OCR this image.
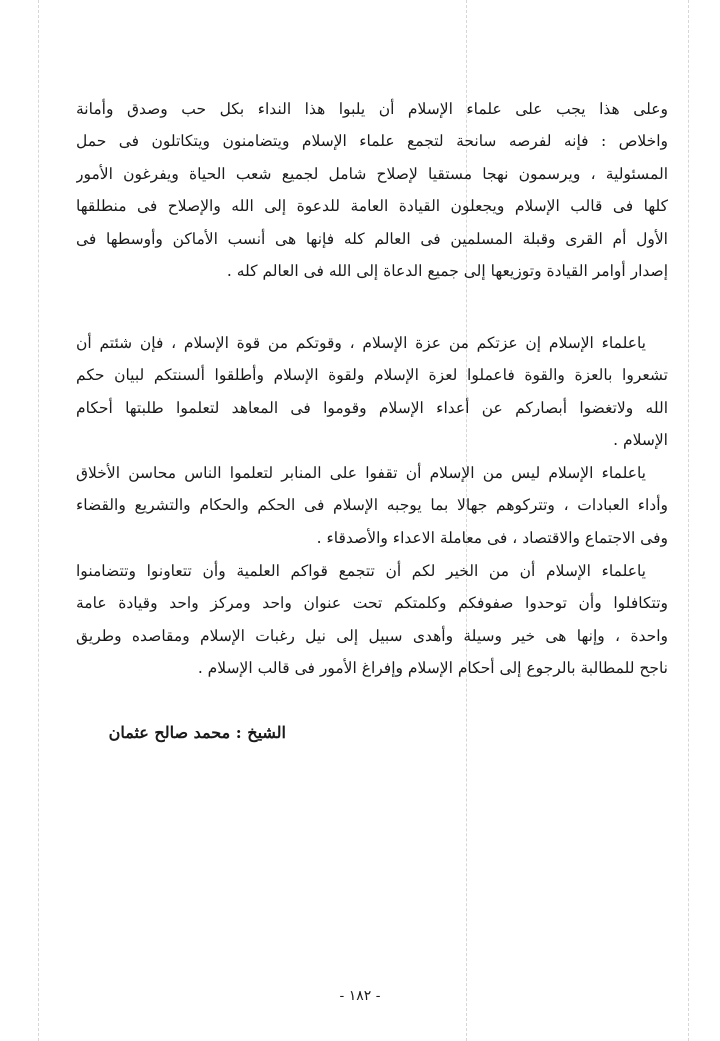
وعلى هذا يجب على علماء الإسلام أن يلبوا هذا النداء بكل حب وصدق وأمانة
واخلاص : فإنه لفرصه سانحة لتجمع علماء الإسلام ويتضامنون ويتكاتلون فى حمل
المسئولية ، ويرسمون نهجا مستقيا لإصلاح شامل لجميع شعب الحياة ويفرغون الأمور
كلها فى قالب الإسلام ويجعلون القيادة العامة للدعوة إلى الله والإصلاح فى منطلقها
الأول أم القرى وقبلة المسلمين فى العالم كله فإنها هى أنسب الأماكن وأوسطها فى
إصدار أوامر القيادة وتوزيعها إلى جميع الدعاة إلى الله فى العالم كله .
ياعلماء الإسلام إن عزتكم من عزة الإسلام ، وقوتكم من قوة الإسلام ، فإن شئتم أن
تشعروا بالعزة والقوة فاعملوا لعزة الإسلام ولقوة الإسلام وأطلقوا ألسنتكم لبيان حكم
الله ولاتغضوا أبصاركم عن أعداء الإسلام وقوموا فى المعاهد لتعلموا طلبتها أحكام
الإسلام .
ياعلماء الإسلام ليس من الإسلام أن تقفوا على المنابر لتعلموا الناس محاسن الأخلاق
وأداء العبادات ، وتتركوهم جهالا بما يوجبه الإسلام فى الحكم والحكام والتشريع والقضاء
وفى الاجتماع والاقتصاد ، فى معاملة الاعداء والأصدقاء .
ياعلماء الإسلام أن من الخير لكم أن تتجمع قواكم العلمية وأن تتعاونوا وتتضامنوا
وتتكافلوا وأن توحدوا صفوفكم وكلمتكم تحت عنوان واحد ومركز واحد وقيادة عامة
واحدة ، وإنها هى خير وسيلة وأهدى سبيل إلى نيل رغبات الإسلام ومقاصده وطريق
ناجح للمطالبة بالرجوع إلى أحكام الإسلام وإفراغ الأمور فى قالب الإسلام .
الشيخ : محمد صالح عثمان
- ١٨٢ -
